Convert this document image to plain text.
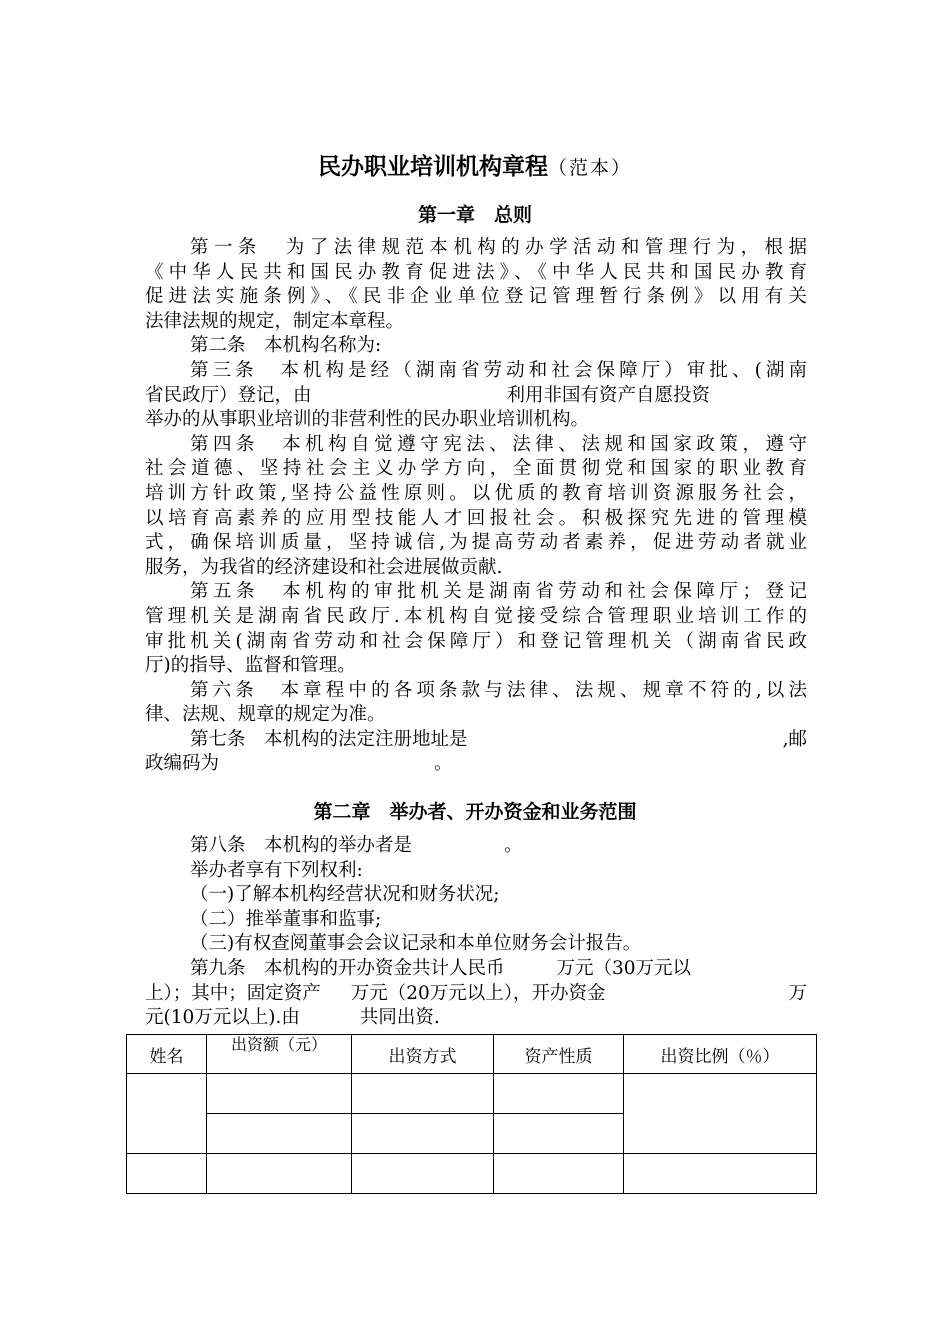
民办职业培训机构章程（范本）
第一章　总则
第一条　为了法律规范本机构的办学活动和管理行为，根据
《中华人民共和国民办教育促进法》、《中华人民共和国民办教育
促进法实施条例》、《民非企业单位登记管理暂行条例》以用有关
法律法规的规定，制定本章程。
第二条　本机构名称为:
第三条　本机构是经（湖南省劳动和社会保障厅）审批、(湖南
省民政厅）登记，由	利用非国有资产自愿投资
举办的从事职业培训的非营利性的民办职业培训机构。
第四条　本机构自觉遵守宪法、法律、法规和国家政策，遵守
社会道德、坚持社会主义办学方向，全面贯彻党和国家的职业教育
培训方针政策,坚持公益性原则。以优质的教育培训资源服务社会，
以培育高素养的应用型技能人才回报社会。积极探究先进的管理模
式，确保培训质量，坚持诚信,为提高劳动者素养，促进劳动者就业
服务，为我省的经济建设和社会进展做贡献.
第五条　本机构的审批机关是湖南省劳动和社会保障厅；登记
管理机关是湖南省民政厅.本机构自觉接受综合管理职业培训工作的
审批机关(湖南省劳动和社会保障厅）和登记管理机关（湖南省民政
厅)的指导、监督和管理。
第六条　本章程中的各项条款与法律、法规、规章不符的,以法
律、法规、规章的规定为准。
第七条　本机构的法定注册地址是	,邮
政编码为	。
第二章　举办者、开办资金和业务范围
第八条　本机构的举办者是	。
举办者享有下列权利:
（一)了解本机构经营状况和财务状况;
（二）推举董事和监事;
（三)有权查阅董事会会议记录和本单位财务会计报告。
第九条　本机构的开办资金共计人民币	万元（30万元以
上）；其中；固定资产 万元（20万元以上），开办资金	万
元(10万元以上).由	共同出资.
姓名	出资额（元）	出资方式	资产性质	出资比例（％）
